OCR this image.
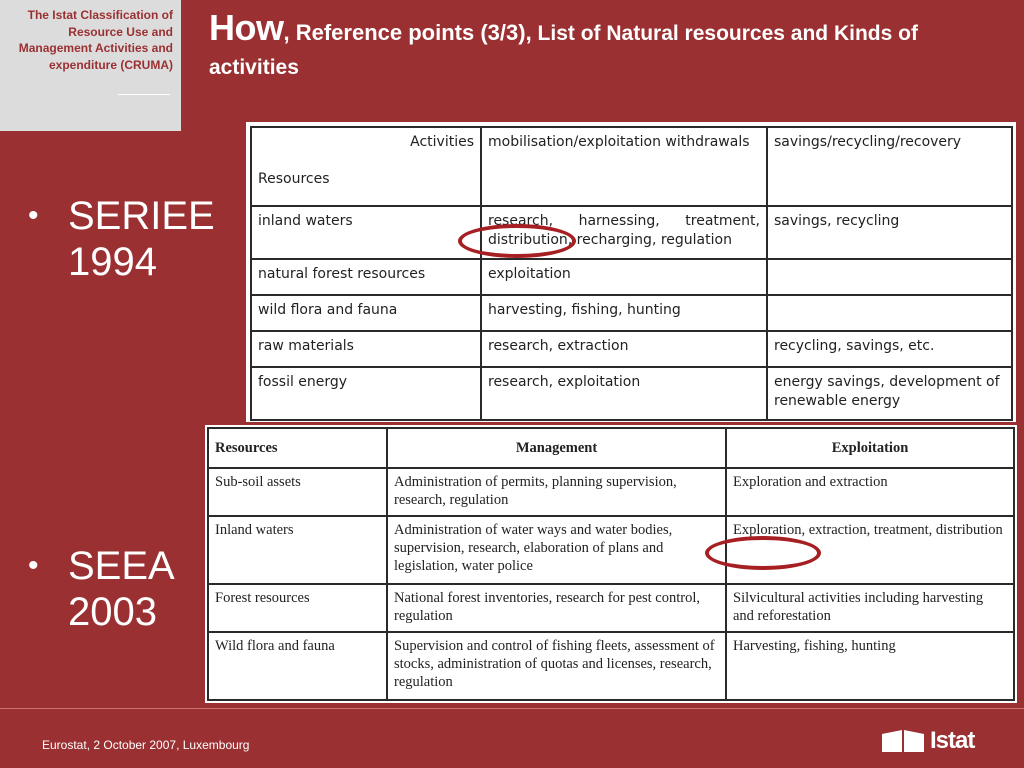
The Istat Classification of Resource Use and Management Activities and expenditure (CRUMA)
How, Reference points (3/3), List of Natural resources and Kinds of activities
• SERIEE
1994
• SEEA
2003
Activities
Resources	mobilisation/exploitation withdrawals	savings/recycling/recovery
inland waters	research, harnessing, treatment, distribution, recharging, regulation	savings, recycling
natural forest resources	exploitation	
wild flora and fauna	harvesting, fishing, hunting	
raw materials	research, extraction	recycling, savings, etc.
fossil energy	research, exploitation	energy savings, development of renewable energy
Resources	Management	Exploitation
Sub-soil assets	Administration of permits, planning supervision, research, regulation	Exploration and extraction
Inland waters	Administration of water ways and water bodies, supervision, research, elaboration of plans and legislation, water police	Exploration, extraction, treatment, distribution
Forest resources	National forest inventories, research for pest control, regulation	Silvicultural activities including harvesting and reforestation
Wild flora and fauna	Supervision and control of fishing fleets, assessment of stocks, administration of quotas and licenses, research, regulation	Harvesting, fishing, hunting
Eurostat, 2 October 2007, Luxembourg	Istat
